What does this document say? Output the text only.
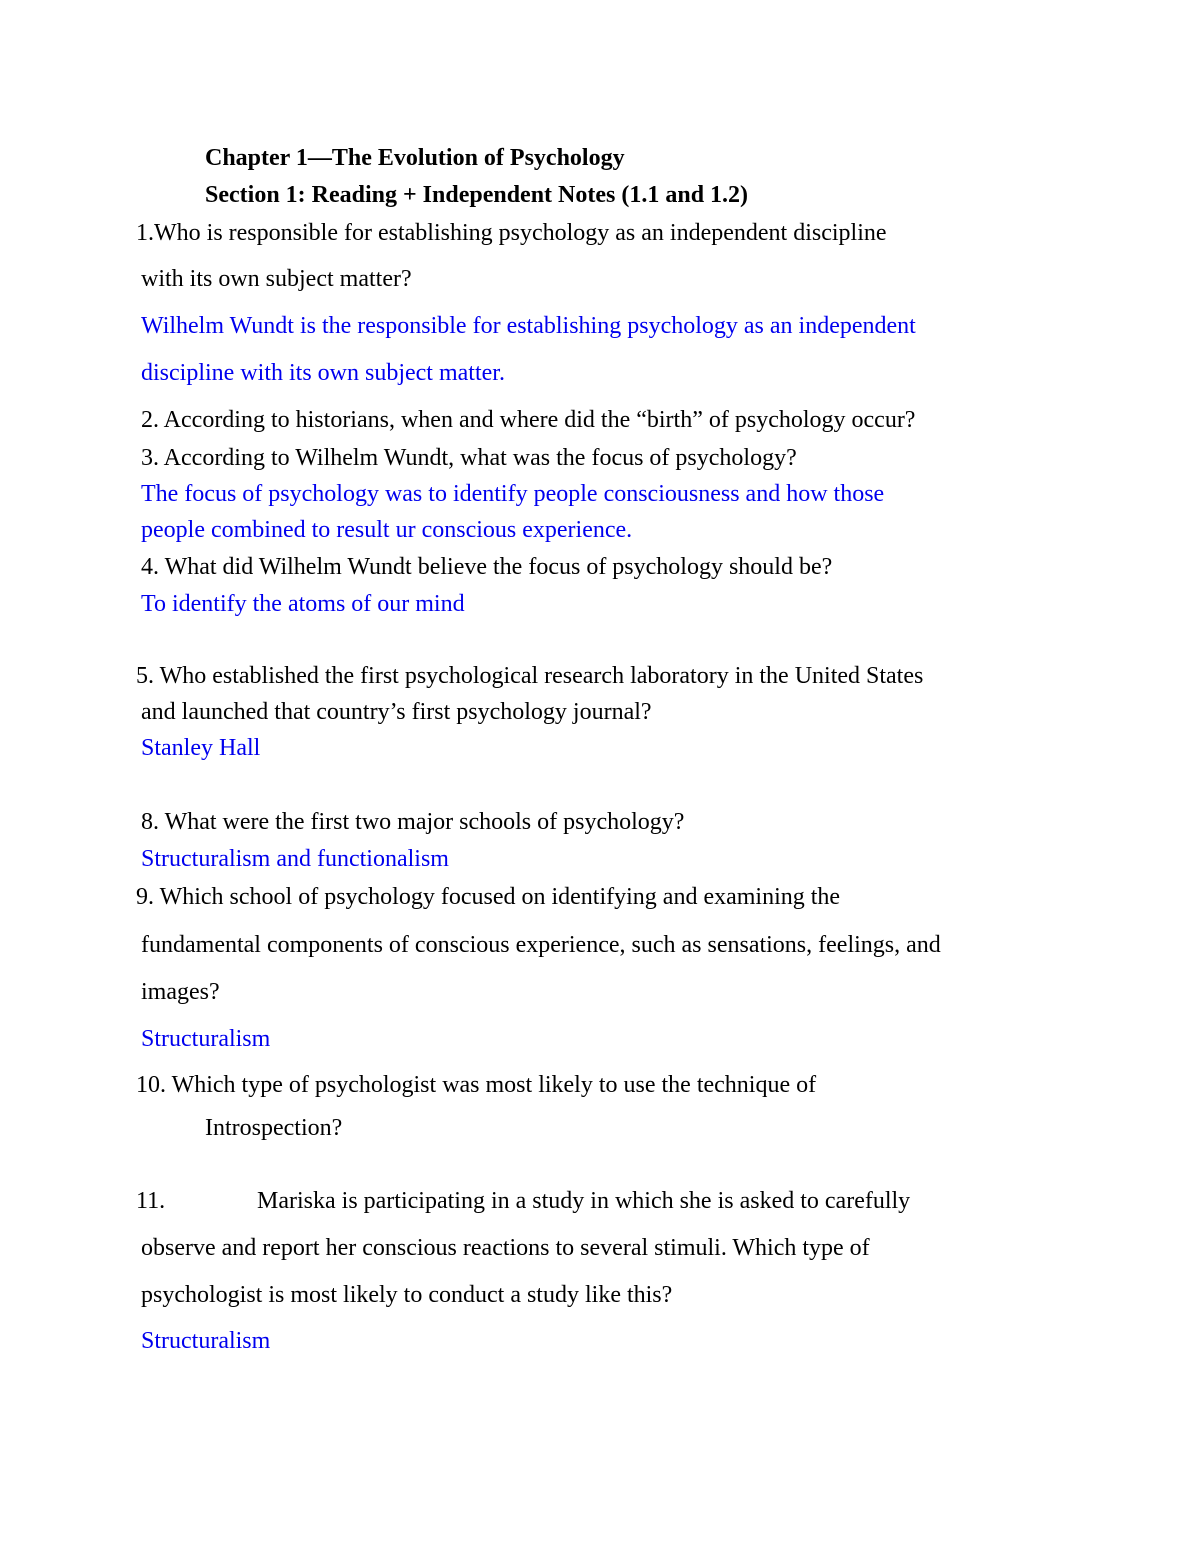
Chapter 1—The Evolution of Psychology
Section 1: Reading + Independent Notes (1.1 and 1.2)
1.Who is responsible for establishing psychology as an independent discipline
with its own subject matter?
Wilhelm Wundt is the responsible for establishing psychology as an independent
discipline with its own subject matter.
2. According to historians, when and where did the “birth” of psychology occur?
3. According to Wilhelm Wundt, what was the focus of psychology?
The focus of psychology was to identify people consciousness and how those
people combined to result ur conscious experience.
4. What did Wilhelm Wundt believe the focus of psychology should be?
To identify the atoms of our mind
5. Who established the first psychological research laboratory in the United States
and launched that country’s first psychology journal?
Stanley Hall
8. What were the first two major schools of psychology?
Structuralism and functionalism
9. Which school of psychology focused on identifying and examining the
fundamental components of conscious experience, such as sensations, feelings, and
images?
Structuralism
10. Which type of psychologist was most likely to use the technique of
Introspection?
11.	Mariska is participating in a study in which she is asked to carefully
observe and report her conscious reactions to several stimuli. Which type of
psychologist is most likely to conduct a study like this?
Structuralism
